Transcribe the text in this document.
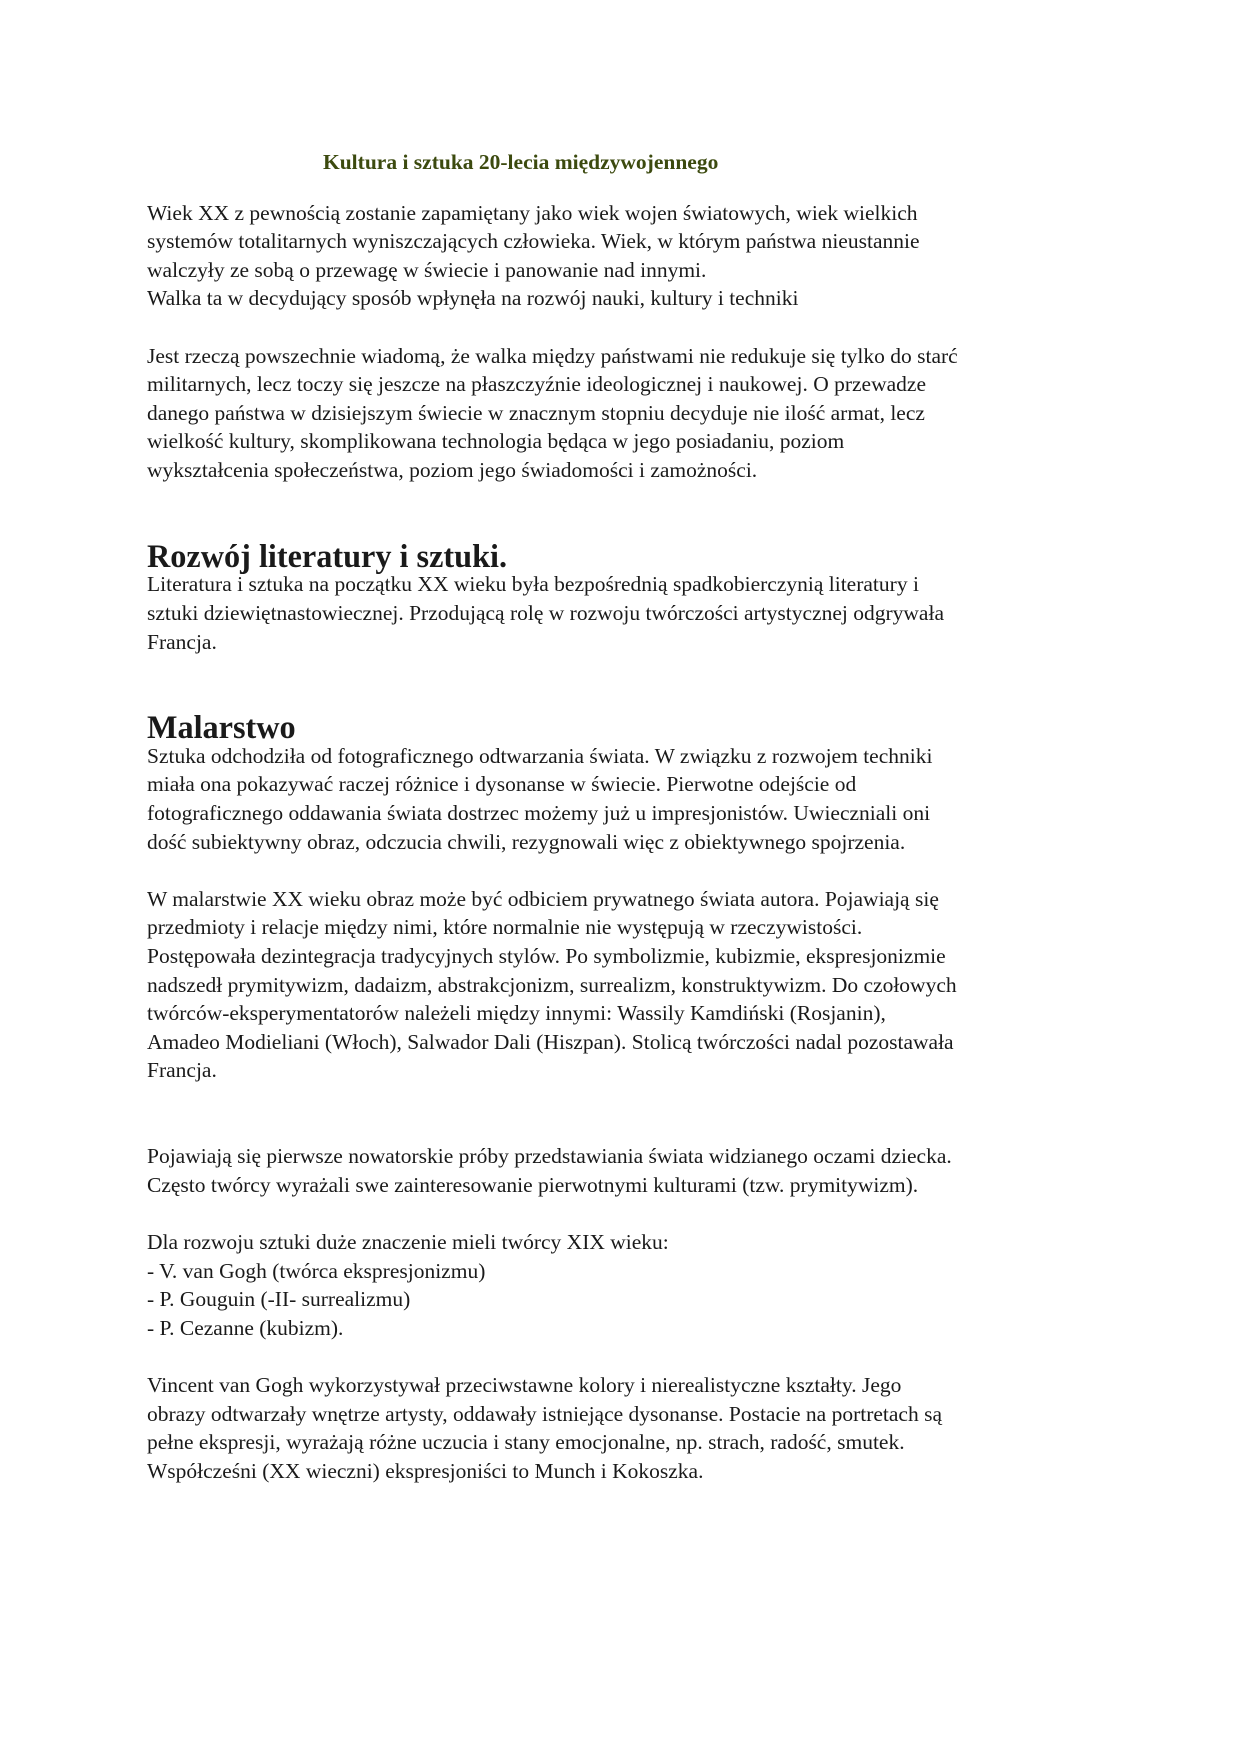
Kultura i sztuka 20-lecia międzywojennego

Wiek XX z pewnością zostanie zapamiętany jako wiek wojen światowych, wiek wielkich
systemów totalitarnych wyniszczających człowieka. Wiek, w którym państwa nieustannie
walczyły ze sobą o przewagę w świecie i panowanie nad innymi.
Walka ta w decydujący sposób wpłynęła na rozwój nauki, kultury i techniki

Jest rzeczą powszechnie wiadomą, że walka między państwami nie redukuje się tylko do starć
militarnych, lecz toczy się jeszcze na płaszczyźnie ideologicznej i naukowej. O przewadze
danego państwa w dzisiejszym świecie w znacznym stopniu decyduje nie ilość armat, lecz
wielkość kultury, skomplikowana technologia będąca w jego posiadaniu, poziom
wykształcenia społeczeństwa, poziom jego świadomości i zamożności.

Rozwój literatury i sztuki.

Literatura i sztuka na początku XX wieku była bezpośrednią spadkobierczynią literatury i
sztuki dziewiętnastowiecznej. Przodującą rolę w rozwoju twórczości artystycznej odgrywała
Francja.

Malarstwo

Sztuka odchodziła od fotograficznego odtwarzania świata. W związku z rozwojem techniki
miała ona pokazywać raczej różnice i dysonanse w świecie. Pierwotne odejście od
fotograficznego oddawania świata dostrzec możemy już u impresjonistów. Uwieczniali oni
dość subiektywny obraz, odczucia chwili, rezygnowali więc z obiektywnego spojrzenia.

W malarstwie XX wieku obraz może być odbiciem prywatnego świata autora. Pojawiają się
przedmioty i relacje między nimi, które normalnie nie występują w rzeczywistości.
Postępowała dezintegracja tradycyjnych stylów. Po symbolizmie, kubizmie, ekspresjonizmie
nadszedł prymitywizm, dadaizm, abstrakcjonizm, surrealizm, konstruktywizm. Do czołowych
twórców-eksperymentatorów należeli między innymi: Wassily Kamdiński (Rosjanin),
Amadeo Modieliani (Włoch), Salwador Dali (Hiszpan). Stolicą twórczości nadal pozostawała
Francja.

Pojawiają się pierwsze nowatorskie próby przedstawiania świata widzianego oczami dziecka.
Często twórcy wyrażali swe zainteresowanie pierwotnymi kulturami (tzw. prymitywizm).

Dla rozwoju sztuki duże znaczenie mieli twórcy XIX wieku:

- V. van Gogh (twórca ekspresjonizmu)
- P. Gouguin (-II- surrealizmu)
- P. Cezanne (kubizm).

Vincent van Gogh wykorzystywał przeciwstawne kolory i nierealistyczne kształty. Jego
obrazy odtwarzały wnętrze artysty, oddawały istniejące dysonanse. Postacie na portretach są
pełne ekspresji, wyrażają różne uczucia i stany emocjonalne, np. strach, radość, smutek.
Współcześni (XX wieczni) ekspresjoniści to Munch i Kokoszka.
